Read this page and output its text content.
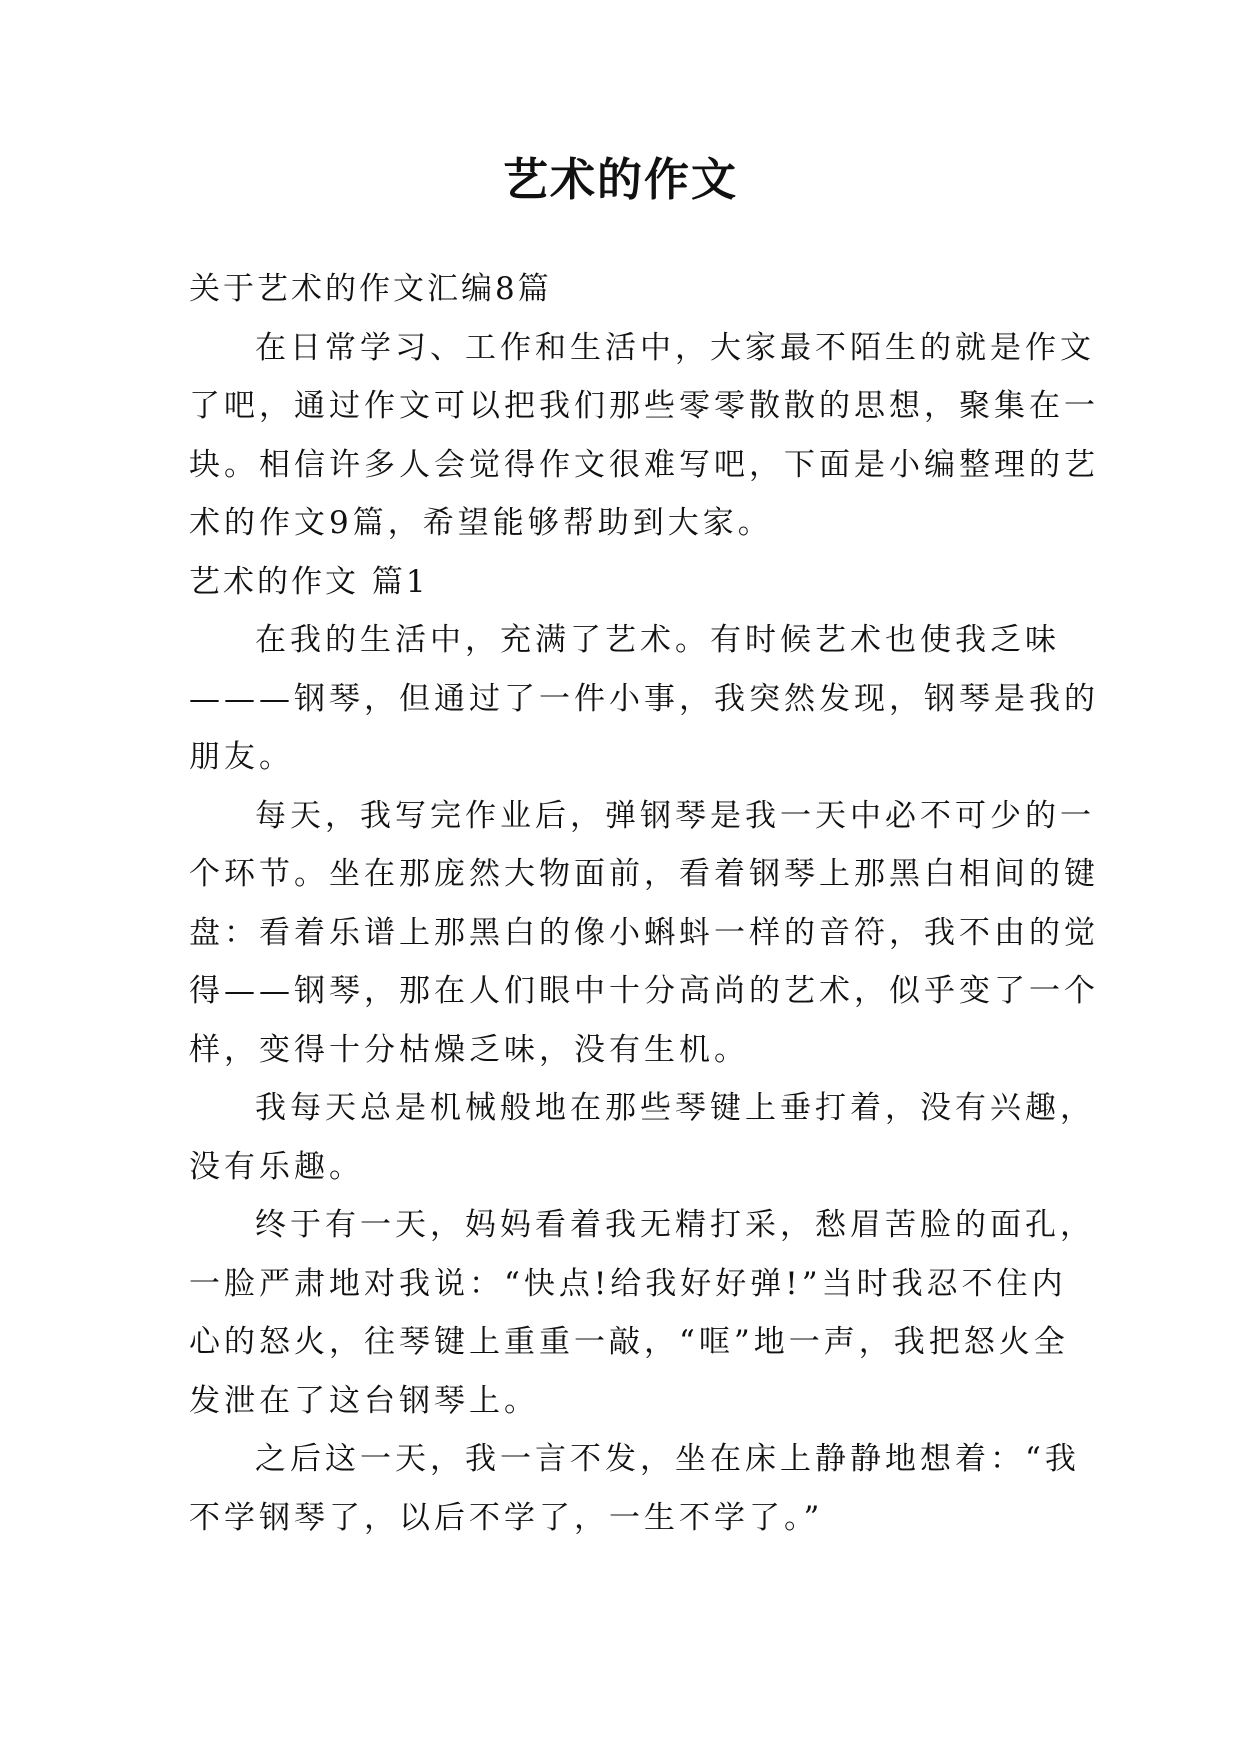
艺术的作文
关于艺术的作文汇编8篇
在日常学习、工作和生活中，大家最不陌生的就是作文
了吧，通过作文可以把我们那些零零散散的思想，聚集在一
块。相信许多人会觉得作文很难写吧，下面是小编整理的艺
术的作文9篇，希望能够帮助到大家。
艺术的作文 篇1
在我的生活中，充满了艺术。有时候艺术也使我乏味
———钢琴，但通过了一件小事，我突然发现，钢琴是我的
朋友。
每天，我写完作业后，弹钢琴是我一天中必不可少的一
个环节。坐在那庞然大物面前，看着钢琴上那黑白相间的键
盘：看着乐谱上那黑白的像小蝌蚪一样的音符，我不由的觉
得——钢琴，那在人们眼中十分高尚的艺术，似乎变了一个
样，变得十分枯燥乏味，没有生机。
我每天总是机械般地在那些琴键上垂打着，没有兴趣，
没有乐趣。
终于有一天，妈妈看着我无精打采，愁眉苦脸的面孔，
一脸严肃地对我说：“快点!给我好好弹!”当时我忍不住内
心的怒火，往琴键上重重一敲，“哐”地一声，我把怒火全
发泄在了这台钢琴上。
之后这一天，我一言不发，坐在床上静静地想着：“我
不学钢琴了，以后不学了，一生不学了。”
